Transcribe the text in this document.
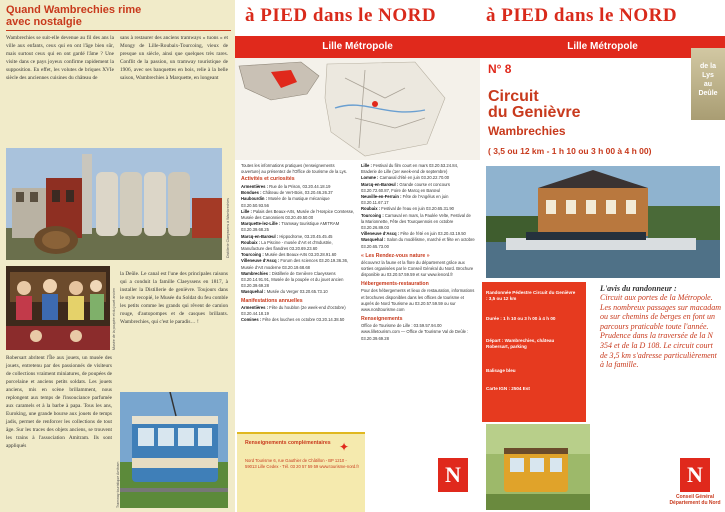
Quand Wambrechies rime avec nostalgie
Wambrechies se suit-elle devenue au fil des ans la ville aux enfants, ceux qui en ont l'âge bien sûr, mais surtout ceux qui en ont gardé l'âme ? Une visite dans ce pays joyeux confirme rapidement la supposition. En effet, les volutes de briques XVIe siècle des anciennes cuisines du château de
sans à restaurer des anciens tramways « tuons » et Mongy de Lille-Roubaix-Tourcoing, vieux de presque un siècle, ainsi que quelques très rares. Conflit de la passion, un tramway touristique de 1906, avec ses banquettes en bois, relie à la belle saison, Wambrechies à Marquette, en longeant
Distillerie Claeyssens à Wambrechies
Musée de la poupée et du jouet ancien
la Deûle. Le canal est l'une des principales raisons qui a conduit la famille Claeyssens en 1817, à installer la Distillerie de genièvre. Toujours dans le style recopié, le Musée du Soldat du feu comble les petits comme les grands qui rêvent de camion rouge, d'autopompes et de casques brillants. Wambrechies, qui c'est le paradis… !
Robersart abritent l'Île aux jouets, un musée des jouets, entretenu par des passionnés de visiteurs de collections vraiment miniatures, de poupées de porcelaine et anciens petits soldats. Les jouets anciens, mis en scène brillamment, nous replongent aux temps de l'insouciance parfumée aux caramels et à la barbe à papa. Tous les ans, Euroking, une grande bourse aux jouets de temps jadis, permet de renforcer les collections de tout âge. Sur les traces des objets anciens, se trouvent les trains à l'association Amitram. Ils sont appliqués
Tramway touristique Amitram
à PIED dans le NORD
Lille Métropole
Toutes les informations pratiques (renseignements ouverture) au présentez de l'Office de tourisme de la Lys.
Activités et curiosités
Armentières : Rue de la Prison, 03.20.44.18.19
Bondues : Château de Vert-Bois, 03.20.46.26.37
Haubourdin : Musée de la musique mécanique 03.20.50.93.56
Lille : Palais des Beaux-Arts, Musée de l'Hospice Comtesse, Musée des Canonniers 03.20.49.50.00
Marquette-lez-Lille : Tramway touristique AMITRAM 03.20.39.68.25
Marcq-en-Barœul : Hippodrome, 03.20.45.45.45
Roubaix : La Piscine - musée d'Art et d'Industrie, Manufacture des flandres 03.20.69.23.60
Tourcoing : Musée des Beaux-Arts 03.20.28.91.60
Villeneuve d'Ascq : Forum des sciences 03.20.19.36.36, Musée d'Art moderne 03.20.19.68.68
Wambrechies : Distillerie de Genièvre Claeyssens 03.20.14.91.91, Musée de la poupée et du jouet ancien 03.20.39.69.28
Wasquehal : Musée du Verger 03.20.65.73.10
Manifestations annuelles
Armentières : Fête du houblon (2e week-end d'octobre) 03.20.44.18.19
Comines : Fête des louches en octobre 03.20.14.38.50
Lille : Festival du film court en mars 03.20.53.24.84, Braderie de Lille (1er week-end de septembre)
Lomme : Carnaval d'été en juin 03.20.22.70.00
Marcq-en-Barœul : Grande course et concours 03.20.72.60.87, Foire de Marcq en Barœul
Neuville-en-Ferrain : Fête de l'Angélus en juin 03.20.11.67.17
Roubaix : Festival de l'eau en juin 03.20.65.31.90
Tourcoing : Carnaval en mars, la Paulée Velte, Festival de la Marionnette, Fête des Tourquennois en octobre 03.20.26.89.03
Villeneuve d'Ascq : Fête de l'été en juin 03.20.43.19.50
Wasquehal : Salon du modélisme, marché et fête en octobre 03.20.65.73.00
« Les Rendez-vous nature »
découvrez la faune et la flore du département grâce aux sorties organisées par le Conseil Général du Nord. Brochure disponible au 03.20.57.59.59 et sur www.lenord.fr
Hébergements-restauration
Pour des hébergements et lieux de restauration, informations et brochures disponibles dans les offices de tourisme et auprès de Nord Tourisme au 03.20.57.59.59 ou sur www.nordtourisme.com
Renseignements
Office de Tourisme de Lille : 03.59.57.94.00 www.lilletourism.com — Office de Tourisme Val de Deûle : 03.20.39.69.28
Renseignements complémentaires
Nord Tourisme 6, rue Gauthier de Châtillon - BP 1210 - 59013 Lille Cedex - Tél. 03 20 57 59 59 www.tourisme-nord.fr
✦
à PIED dans le NORD
Lille Métropole
de la
Lys
au
Deûle
N° 8
Circuit
du Genièvre
Wambrechies
( 3,5 ou 12 km - 1 h 10 ou 3 h 00 à 4 h 00)
Randonnée Pédestre Circuit du Genièvre : 3,5 ou 12 km
Durée : 1 h 10 ou 3 h 00 à 4 h 00
Départ : Wambrechies, château Robersart, parking
Balisage bleu
Carte IGN : 2504 Est
L'avis du randonneur :
Circuit aux portes de la Métropole. Les nombreux passages sur macadam ou sur chemins de berges en font un parcours praticable toute l'année. Prudence dans la traversée de la N 354 et de la D 108. Le circuit court de 3,5 km s'adresse particulièrement à la famille.
N
Conseil Général Département du Nord
N
